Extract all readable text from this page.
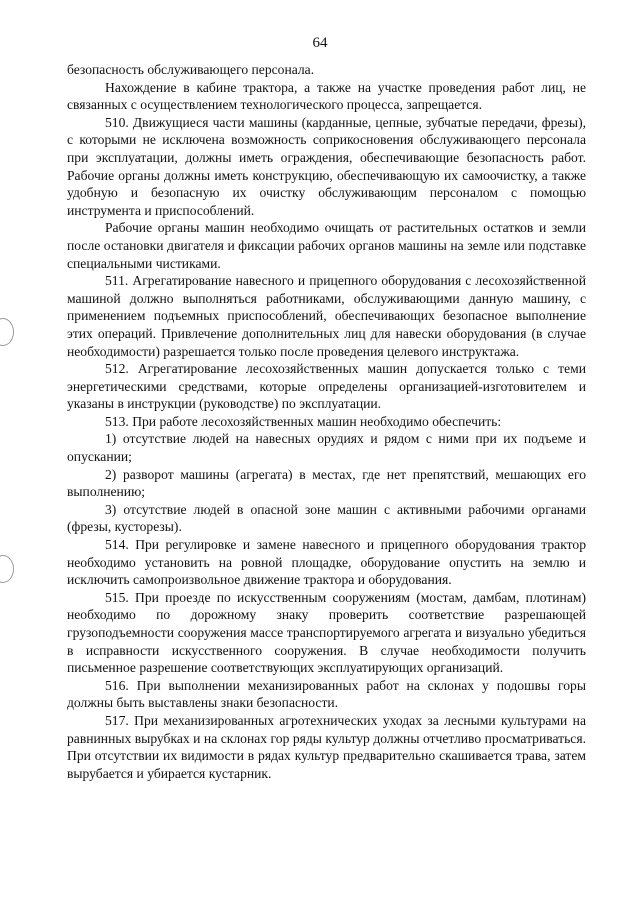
64

безопасность обслуживающего персонала.

Нахождение в кабине трактора, а также на участке проведения работ лиц, не связанных с осуществлением технологического процесса, запрещается.

510. Движущиеся части машины (карданные, цепные, зубчатые передачи, фрезы), с которыми не исключена возможность соприкосновения обслуживающего персонала при эксплуатации, должны иметь ограждения, обеспечивающие безопасность работ. Рабочие органы должны иметь конструкцию, обеспечивающую их самоочистку, а также удобную и безопасную их очистку обслуживающим персоналом с помощью инструмента и приспособлений.

Рабочие органы машин необходимо очищать от растительных остатков и земли после остановки двигателя и фиксации рабочих органов машины на земле или подставке специальными чистиками.

511. Агрегатирование навесного и прицепного оборудования с лесохозяйственной машиной должно выполняться работниками, обслуживающими данную машину, с применением подъемных приспособлений, обеспечивающих безопасное выполнение этих операций. Привлечение дополнительных лиц для навески оборудования (в случае необходимости) разрешается только после проведения целевого инструктажа.

512. Агрегатирование лесохозяйственных машин допускается только с теми энергетическими средствами, которые определены организацией-изготовителем и указаны в инструкции (руководстве) по эксплуатации.

513. При работе лесохозяйственных машин необходимо обеспечить:

1) отсутствие людей на навесных орудиях и рядом с ними при их подъеме и опускании;

2) разворот машины (агрегата) в местах, где нет препятствий, мешающих его выполнению;

3) отсутствие людей в опасной зоне машин с активными рабочими органами (фрезы, кусторезы).

514. При регулировке и замене навесного и прицепного оборудования трактор необходимо установить на ровной площадке, оборудование опустить на землю и исключить самопроизвольное движение трактора и оборудования.

515. При проезде по искусственным сооружениям (мостам, дамбам, плотинам) необходимо по дорожному знаку проверить соответствие разрешающей грузоподъемности сооружения массе транспортируемого агрегата и визуально убедиться в исправности искусственного сооружения. В случае необходимости получить письменное разрешение соответствующих эксплуатирующих организаций.

516. При выполнении механизированных работ на склонах у подошвы горы должны быть выставлены знаки безопасности.

517. При механизированных агротехнических уходах за лесными культурами на равнинных вырубках и на склонах гор ряды культур должны отчетливо просматриваться. При отсутствии их видимости в рядах культур предварительно скашивается трава, затем вырубается и убирается кустарник.
